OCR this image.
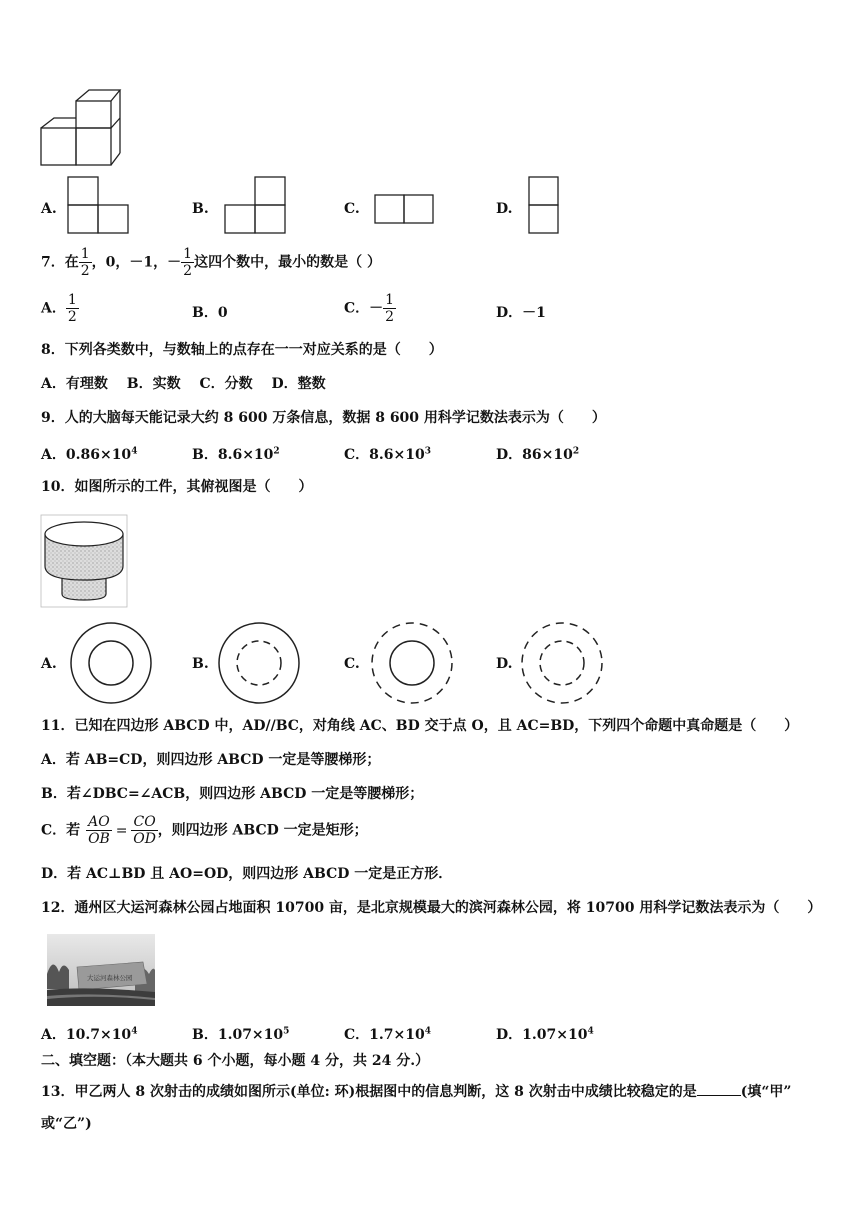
A.	B.	C.	D.
7．在 $\frac{1}{2}$ ，0，－1，－ $\frac{1}{2}$ 这四个数中，最小的数是（ ）
A． $\frac{1}{2}$	B．0	C．－ $\frac{1}{2}$	D．－1
8．下列各类数中，与数轴上的点存在一一对应关系的是（　　）
A．有理数　 B．实数　 C．分数　 D．整数
9．人的大脑每天能记录大约 8 600 万条信息，数据 8 600 用科学记数法表示为（　　）
A．$0.86\times 10^4$	B．$8.6\times 10^2$	C．$8.6\times 10^3$	D．$86\times 10^2$
10．如图所示的工件，其俯视图是（　　）
A.	B.	C.	D.
11．已知在四边形 ABCD 中，AD//BC，对角线 AC、BD 交于点 O，且 AC=BD，下列四个命题中真命题是（　　）
A．若 AB=CD，则四边形 ABCD 一定是等腰梯形；
B．若∠DBC=∠ACB，则四边形 ABCD 一定是等腰梯形；
C．若 $\frac{AO}{OB} = \frac{CO}{OD}$ ，则四边形 ABCD 一定是矩形；
D．若 AC⊥BD 且 AO=OD，则四边形 ABCD 一定是正方形．
12．通州区大运河森林公园占地面积 10700 亩，是北京规模最大的滨河森林公园，将 10700 用科学记数法表示为（　　）
大运河森林公园
A．$10.7\times 10^4$	B．$1.07\times 10^5$	C．$1.7\times 10^4$	D．$1.07\times 10^4$
二、填空题：（本大题共 6 个小题，每小题 4 分，共 24 分.）
13．甲乙两人 8 次射击的成绩如图所示(单位: 环)根据图中的信息判断，这 8 次射击中成绩比较稳定的是	(填“甲”
或“乙”)
